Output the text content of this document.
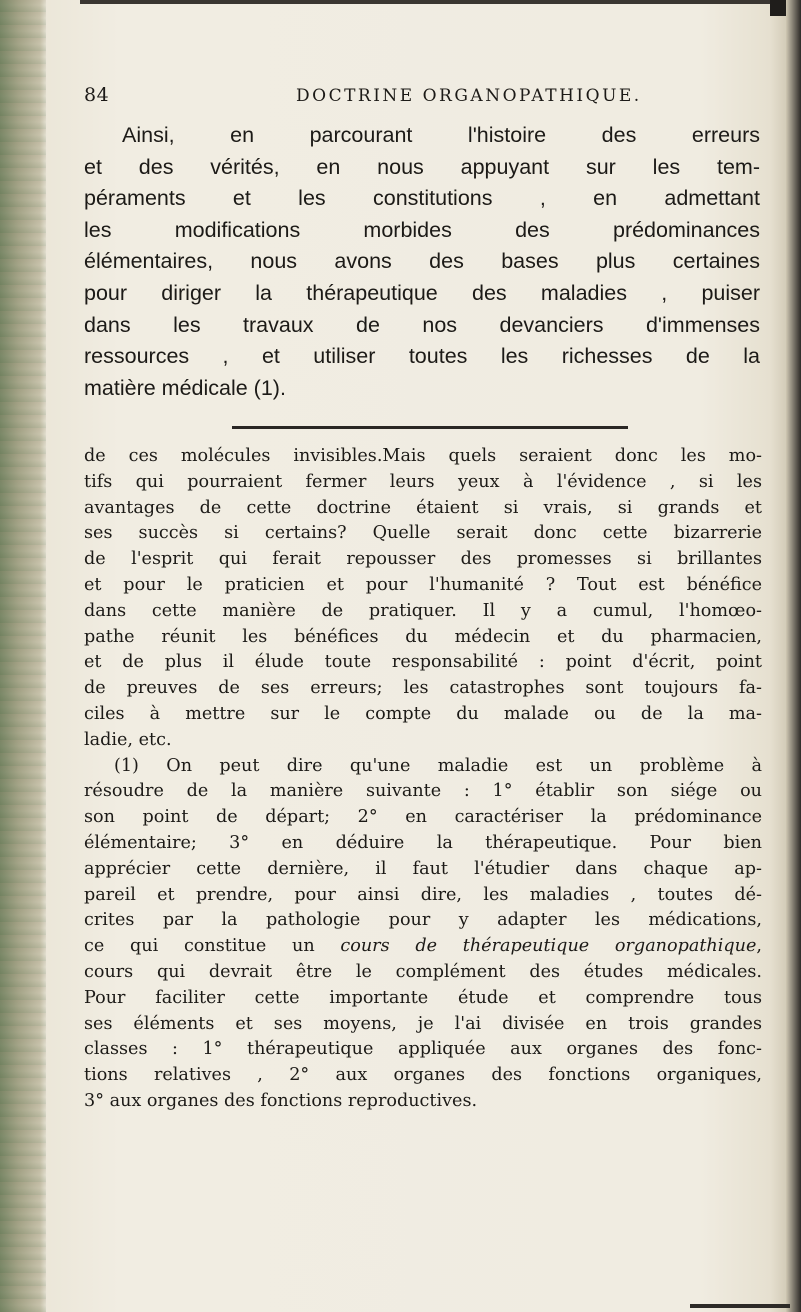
84	DOCTRINE ORGANOPATHIQUE.

Ainsi, en parcourant l'histoire des erreurs
et des vérités, en nous appuyant sur les tem-
péraments et les constitutions , en admettant
les modifications morbides des prédominances
élémentaires, nous avons des bases plus certaines
pour diriger la thérapeutique des maladies , puiser
dans les travaux de nos devanciers d'immenses
ressources , et utiliser toutes les richesses de la
matière médicale (1).

de ces molécules invisibles.Mais quels seraient donc les mo-
tifs qui pourraient fermer leurs yeux à l'évidence , si les
avantages de cette doctrine étaient si vrais, si grands et
ses succès si certains? Quelle serait donc cette bizarrerie
de l'esprit qui ferait repousser des promesses si brillantes
et pour le praticien et pour l'humanité ? Tout est bénéfice
dans cette manière de pratiquer. Il y a cumul, l'homœo-
pathe réunit les bénéfices du médecin et du pharmacien,
et de plus il élude toute responsabilité : point d'écrit, point
de preuves de ses erreurs; les catastrophes sont toujours fa-
ciles à mettre sur le compte du malade ou de la ma-
ladie, etc.
(1) On peut dire qu'une maladie est un problème à
résoudre de la manière suivante : 1° établir son siége ou
son point de départ; 2° en caractériser la prédominance
élémentaire; 3° en déduire la thérapeutique. Pour bien
apprécier cette dernière, il faut l'étudier dans chaque ap-
pareil et prendre, pour ainsi dire, les maladies , toutes dé-
crites par la pathologie pour y adapter les médications,
ce qui constitue un cours de thérapeutique organopathique,
cours qui devrait être le complément des études médicales.
Pour faciliter cette importante étude et comprendre tous
ses éléments et ses moyens, je l'ai divisée en trois grandes
classes : 1° thérapeutique appliquée aux organes des fonc-
tions relatives , 2° aux organes des fonctions organiques,
3° aux organes des fonctions reproductives.
